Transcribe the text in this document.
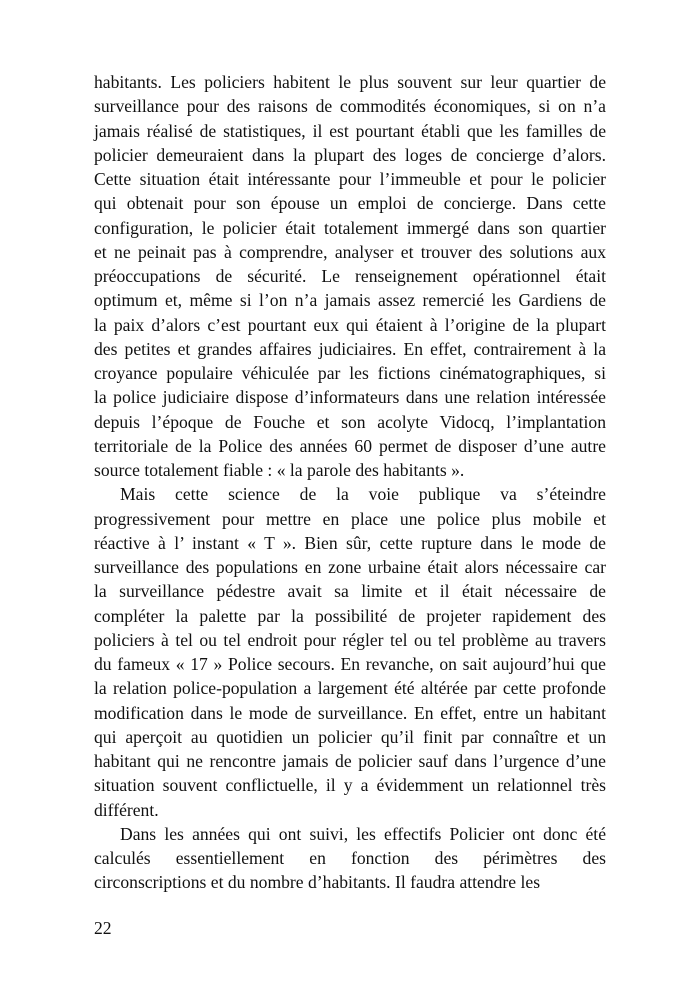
habitants. Les policiers habitent le plus souvent sur leur quartier de

surveillance pour des raisons de commodités économiques, si on n’a

jamais réalisé de statistiques, il est pourtant établi que les familles de

policier demeuraient dans la plupart des loges de concierge d’alors.

Cette situation était intéressante pour l’immeuble et pour le policier

qui obtenait pour son épouse un emploi de concierge. Dans cette

configuration, le policier était totalement immergé dans son quartier

et ne peinait pas à comprendre, analyser et trouver des solutions aux

préoccupations de sécurité. Le renseignement opérationnel était

optimum et, même si l’on n’a jamais assez remercié les Gardiens de

la paix d’alors c’est pourtant eux qui étaient à l’origine de la plupart

des petites et grandes affaires judiciaires. En effet, contrairement à la

croyance populaire véhiculée par les fictions cinématographiques, si

la police judiciaire dispose d’informateurs dans une relation intéressée

depuis l’époque de Fouche et son acolyte Vidocq, l’implantation

territoriale de la Police des années 60 permet de disposer d’une autre

source totalement fiable : « la parole des habitants ».

Mais cette science de la voie publique va s’éteindre

progressivement pour mettre en place une police plus mobile et

réactive à l’ instant « T ». Bien sûr, cette rupture dans le mode de

surveillance des populations en zone urbaine était alors nécessaire car

la surveillance pédestre avait sa limite et il était nécessaire de

compléter la palette par la possibilité de projeter rapidement des

policiers à tel ou tel endroit pour régler tel ou tel problème au travers

du fameux « 17 » Police secours. En revanche, on sait aujourd’hui que

la relation police-population a largement été altérée par cette profonde

modification dans le mode de surveillance. En effet, entre un habitant

qui aperçoit au quotidien un policier qu’il finit par connaître et un

habitant qui ne rencontre jamais de policier sauf dans l’urgence d’une

situation souvent conflictuelle, il y a évidemment un relationnel très

différent.

Dans les années qui ont suivi, les effectifs Policier ont donc été

calculés essentiellement en fonction des périmètres des

circonscriptions et du nombre d’habitants. Il faudra attendre les

22
